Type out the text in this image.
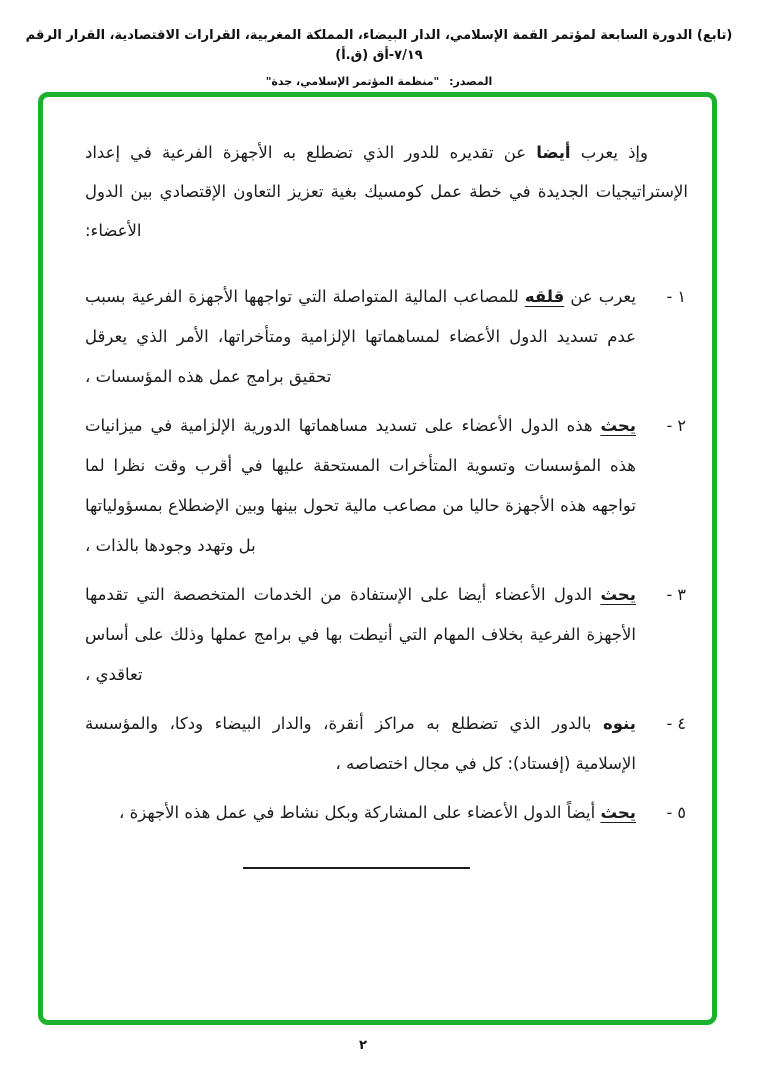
(تابع) الدورة السابعة لمؤتمر القمة الإسلامي، الدار البيضاء، المملكة المغربية، القرارات الاقتصادية، القرار الرقم ٧/١٩-أق (ق.أ)
المصدر: "منظمة المؤتمر الإسلامي، جدة"

وإذ يعرب أيضا عن تقديره للدور الذي تضطلع به الأجهزة الفرعية في إعداد الإستراتيجيات الجديدة في خطة عمل كومسيك بغية تعزيز التعاون الإقتصادي بين الدول الأعضاء:

١ -
يعرب عن قلقه للمصاعب المالية المتواصلة التي تواجهها الأجهزة الفرعية بسبب عدم تسديد الدول الأعضاء لمساهماتها الإلزامية ومتأخراتها، الأمر الذي يعرقل تحقيق برامج عمل هذه المؤسسات ،
٢ -
يحث هذه الدول الأعضاء على تسديد مساهماتها الدورية الإلزامية في ميزانيات هذه المؤسسات وتسوية المتأخرات المستحقة عليها في أقرب وقت نظرا لما تواجهه هذه الأجهزة حاليا من مصاعب مالية تحول بينها وبين الإضطلاع بمسؤولياتها بل وتهدد وجودها بالذات ،
٣ -
يحث الدول الأعضاء أيضا على الإستفادة من الخدمات المتخصصة التي تقدمها الأجهزة الفرعية بخلاف المهام التي أنيطت بها في برامج عملها وذلك على أساس تعاقدي ،
٤ -
ينوه بالدور الذي تضطلع به مراكز أنقرة، والدار البيضاء ودكا، والمؤسسة الإسلامية (إفستاد): كل في مجال اختصاصه ،
٥ -
يحث أيضاً الدول الأعضاء على المشاركة وبكل نشاط في عمل هذه الأجهزة ،
٢
